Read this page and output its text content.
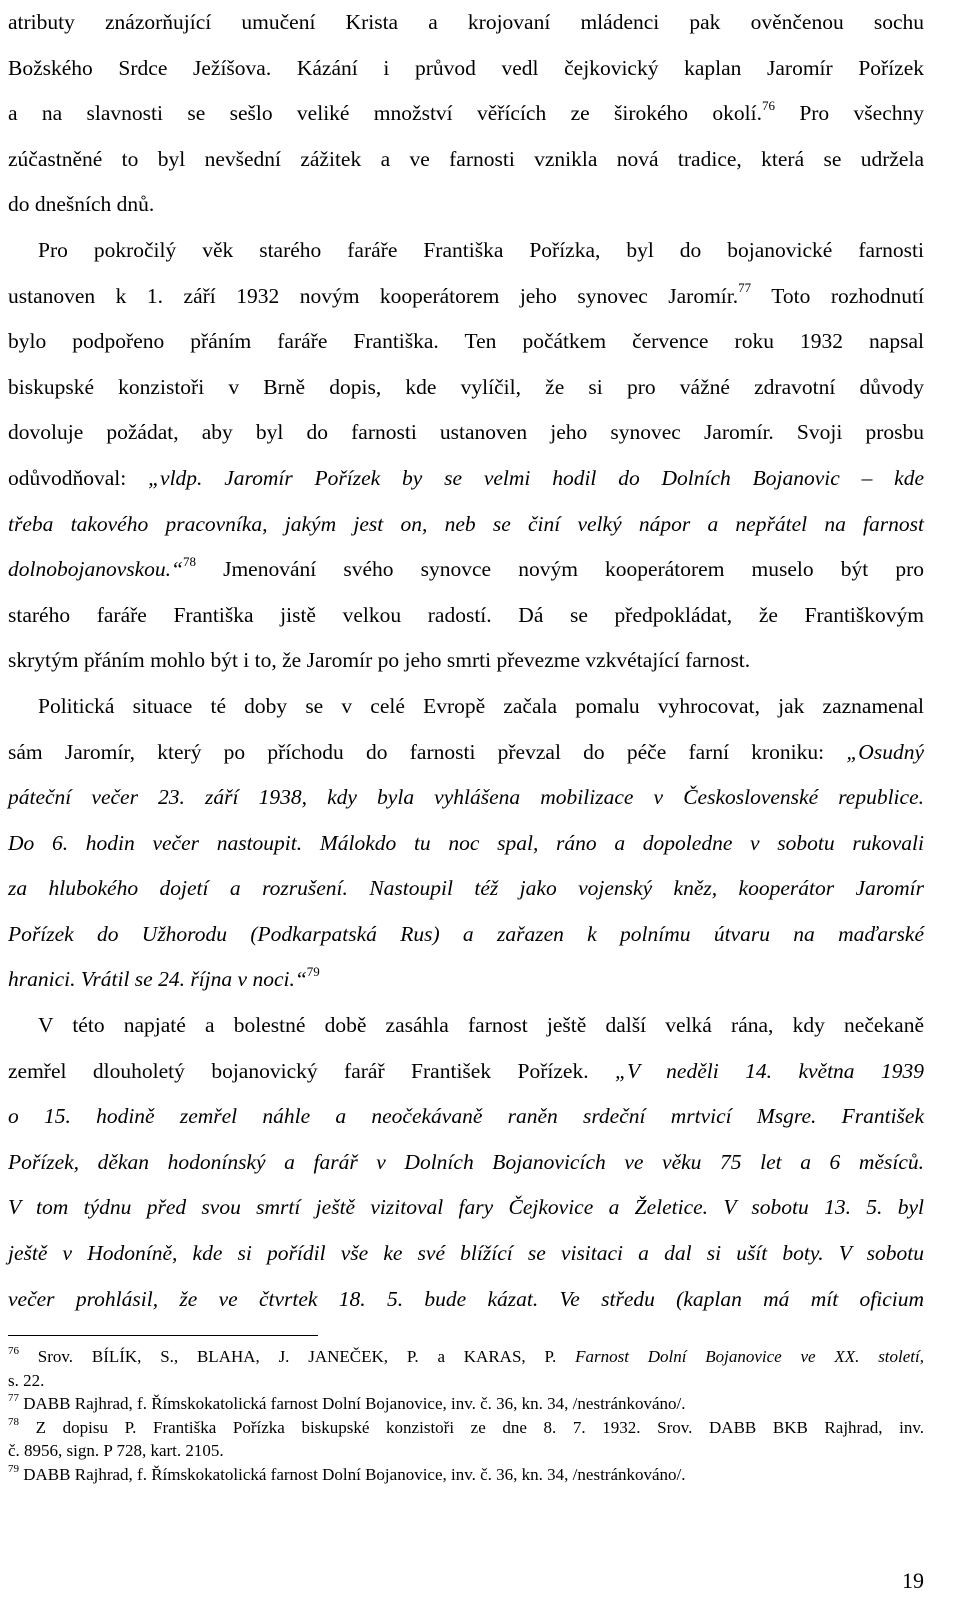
atributy znázorňující umučení Krista a krojovaní mládenci pak ověnčenou sochu
Božského Srdce Ježíšova. Kázání i průvod vedl čejkovický kaplan Jaromír Pořízek
a na slavnosti se sešlo veliké množství věřících ze širokého okolí.$^{76}$ Pro všechny
zúčastněné to byl nevšední zážitek a ve farnosti vznikla nová tradice, která se udržela
do dnešních dnů.
Pro pokročilý věk starého faráře Františka Pořízka, byl do bojanovické farnosti
ustanoven k 1. září 1932 novým kooperátorem jeho synovec Jaromír.$^{77}$ Toto rozhodnutí
bylo podpořeno přáním faráře Františka. Ten počátkem července roku 1932 napsal
biskupské konzistoři v Brně dopis, kde vylíčil, že si pro vážné zdravotní důvody
dovoluje požádat, aby byl do farnosti ustanoven jeho synovec Jaromír. Svoji prosbu
odůvodňoval: „vldp. Jaromír Pořízek by se velmi hodil do Dolních Bojanovic – kde
třeba takového pracovníka, jakým jest on, neb se činí velký nápor a nepřátel na farnost
dolnobojanovskou.“$^{78}$ Jmenování svého synovce novým kooperátorem muselo být pro
starého faráře Františka jistě velkou radostí. Dá se předpokládat, že Františkovým
skrytým přáním mohlo být i to, že Jaromír po jeho smrti převezme vzkvétající farnost.
Politická situace té doby se v celé Evropě začala pomalu vyhrocovat, jak zaznamenal
sám Jaromír, který po příchodu do farnosti převzal do péče farní kroniku: „Osudný
páteční večer 23. září 1938, kdy byla vyhlášena mobilizace v Československé republice.
Do 6. hodin večer nastoupit. Málokdo tu noc spal, ráno a dopoledne v sobotu rukovali
za hlubokého dojetí a rozrušení. Nastoupil též jako vojenský kněz, kooperátor Jaromír
Pořízek do Užhorodu (Podkarpatská Rus) a zařazen k polnímu útvaru na maďarské
hranici. Vrátil se 24. října v noci.“$^{79}$
V této napjaté a bolestné době zasáhla farnost ještě další velká rána, kdy nečekaně
zemřel dlouholetý bojanovický farář František Pořízek. „V neděli 14. května 1939
o 15. hodině zemřel náhle a neočekávaně raněn srdeční mrtvicí Msgre. František
Pořízek, děkan hodonínský a farář v Dolních Bojanovicích ve věku 75 let a 6 měsíců.
V tom týdnu před svou smrtí ještě vizitoval fary Čejkovice a Želetice. V sobotu 13. 5. byl
ještě v Hodoníně, kde si pořídil vše ke své blížící se visitaci a dal si ušít boty. V sobotu
večer prohlásil, že ve čtvrtek 18. 5. bude kázat. Ve středu (kaplan má mít oficium
$^{76}$ Srov. BÍLÍK, S., BLAHA, J. JANEČEK, P. a KARAS, P. Farnost Dolní Bojanovice ve XX. století,
s. 22.
$^{77}$ DABB Rajhrad, f. Římskokatolická farnost Dolní Bojanovice, inv. č. 36, kn. 34, /nestránkováno/.
$^{78}$ Z dopisu P. Františka Pořízka biskupské konzistoři ze dne 8. 7. 1932. Srov. DABB BKB Rajhrad, inv.
č. 8956, sign. P 728, kart. 2105.
$^{79}$ DABB Rajhrad, f. Římskokatolická farnost Dolní Bojanovice, inv. č. 36, kn. 34, /nestránkováno/.
19
